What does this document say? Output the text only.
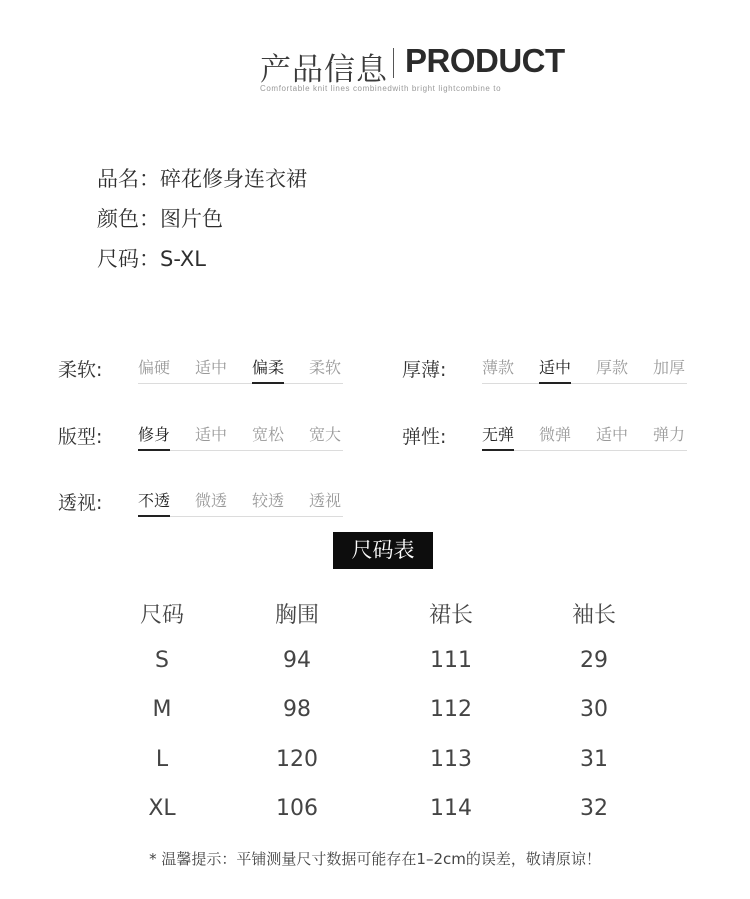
产品信息 PRODUCT
Comfortable knit lines combinedwith bright lightcombine to
品名 ： 碎花修身连衣裙
颜色 ： 图片色
尺码 ： S-XL
柔软: 偏硬 适中 偏柔 柔软	厚薄: 薄款 适中 厚款 加厚
版型: 修身 适中 宽松 宽大	弹性: 无弹 微弹 适中 弹力
透视: 不透 微透 较透 透视
尺码表
尺码	胸围	裙长	袖长
S	94	111	29
M	98	112	30
L	120	113	31
XL	106	114	32
* 温馨提示：平铺测量尺寸数据可能存在1–2cm的误差，敬请原谅！
